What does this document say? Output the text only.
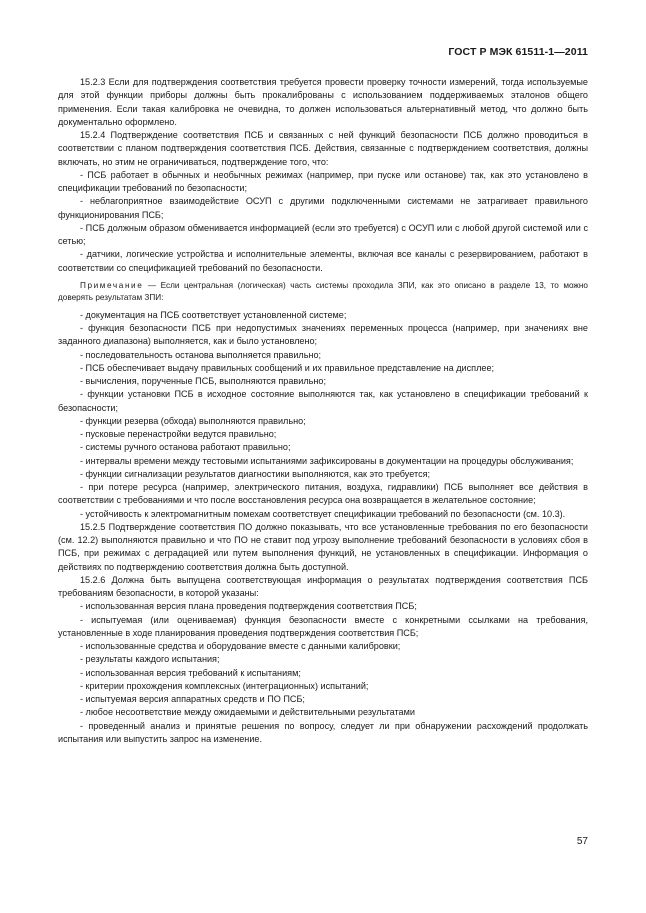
ГОСТ Р МЭК 61511-1—2011

15.2.3 Если для подтверждения соответствия требуется провести проверку точности измерений, тогда используемые для этой функции приборы должны быть прокалиброваны с использованием поддерживаемых эталонов общего применения. Если такая калибровка не очевидна, то должен использоваться альтернативный метод, что должно быть документально оформлено.

15.2.4 Подтверждение соответствия ПСБ и связанных с ней функций безопасности ПСБ должно проводиться в соответствии с планом подтверждения соответствия ПСБ. Действия, связанные с подтверждением соответствия, должны включать, но этим не ограничиваться, подтверждение того, что:

- ПСБ работает в обычных и необычных режимах (например, при пуске или останове) так, как это установлено в спецификации требований по безопасности;

- неблагоприятное взаимодействие ОСУП с другими подключенными системами не затрагивает правильного функционирования ПСБ;

- ПСБ должным образом обменивается информацией (если это требуется) с ОСУП или с любой другой системой или с сетью;

- датчики, логические устройства и исполнительные элементы, включая все каналы с резервированием, работают в соответствии со спецификацией требований по безопасности.

Примечание — Если центральная (логическая) часть системы проходила ЗПИ, как это описано в разделе 13, то можно доверять результатам ЗПИ:

- документация на ПСБ соответствует установленной системе;

- функция безопасности ПСБ при недопустимых значениях переменных процесса (например, при значениях вне заданного диапазона) выполняется, как и было установлено;

- последовательность останова выполняется правильно;

- ПСБ обеспечивает выдачу правильных сообщений и их правильное представление на дисплее;

- вычисления, порученные ПСБ, выполняются правильно;

- функции установки ПСБ в исходное состояние выполняются так, как установлено в спецификации требований к безопасности;

- функции резерва (обхода) выполняются правильно;

- пусковые перенастройки ведутся правильно;

- системы ручного останова работают правильно;

- интервалы времени между тестовыми испытаниями зафиксированы в документации на процедуры обслуживания;

- функции сигнализации результатов диагностики выполняются, как это требуется;

- при потере ресурса (например, электрического питания, воздуха, гидравлики) ПСБ выполняет все действия в соответствии с требованиями и что после восстановления ресурса она возвращается в желательное состояние;

- устойчивость к электромагнитным помехам соответствует спецификации требований по безопасности (см. 10.3).

15.2.5 Подтверждение соответствия ПО должно показывать, что все установленные требования по его безопасности (см. 12.2) выполняются правильно и что ПО не ставит под угрозу выполнение требований безопасности в условиях сбоя в ПСБ, при режимах с деградацией или путем выполнения функций, не установленных в спецификации. Информация о действиях по подтверждению соответствия должна быть доступной.

15.2.6 Должна быть выпущена соответствующая информация о результатах подтверждения соответствия ПСБ требованиям безопасности, в которой указаны:

- использованная версия плана проведения подтверждения соответствия ПСБ;

- испытуемая (или оцениваемая) функция безопасности вместе с конкретными ссылками на требования, установленные в ходе планирования проведения подтверждения соответствия ПСБ;

- использованные средства и оборудование вместе с данными калибровки;

- результаты каждого испытания;

- использованная версия требований к испытаниям;

- критерии прохождения комплексных (интеграционных) испытаний;

- испытуемая версия аппаратных средств и ПО ПСБ;

- любое несоответствие между ожидаемыми и действительными результатами

- проведенный анализ и принятые решения по вопросу, следует ли при обнаружении расхождений продолжать испытания или выпустить запрос на изменение.

57
